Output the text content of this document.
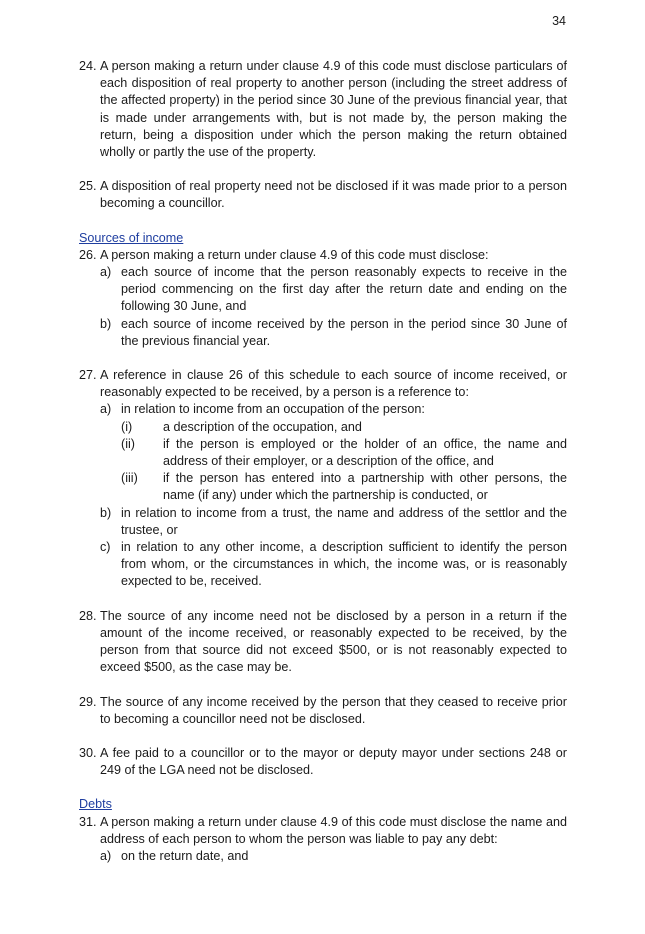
34
24. A person making a return under clause 4.9 of this code must disclose particulars of each disposition of real property to another person (including the street address of the affected property) in the period since 30 June of the previous financial year, that is made under arrangements with, but is not made by, the person making the return, being a disposition under which the person making the return obtained wholly or partly the use of the property.
25. A disposition of real property need not be disclosed if it was made prior to a person becoming a councillor.
Sources of income
26. A person making a return under clause 4.9 of this code must disclose:
a) each source of income that the person reasonably expects to receive in the period commencing on the first day after the return date and ending on the following 30 June, and
b) each source of income received by the person in the period since 30 June of the previous financial year.
27. A reference in clause 26 of this schedule to each source of income received, or reasonably expected to be received, by a person is a reference to:
a) in relation to income from an occupation of the person:
(i)	a description of the occupation, and
(ii)	if the person is employed or the holder of an office, the name and address of their employer, or a description of the office, and
(iii)	if the person has entered into a partnership with other persons, the name (if any) under which the partnership is conducted, or
b) in relation to income from a trust, the name and address of the settlor and the trustee, or
c) in relation to any other income, a description sufficient to identify the person from whom, or the circumstances in which, the income was, or is reasonably expected to be, received.
28. The source of any income need not be disclosed by a person in a return if the amount of the income received, or reasonably expected to be received, by the person from that source did not exceed $500, or is not reasonably expected to exceed $500, as the case may be.
29. The source of any income received by the person that they ceased to receive prior to becoming a councillor need not be disclosed.
30. A fee paid to a councillor or to the mayor or deputy mayor under sections 248 or 249 of the LGA need not be disclosed.
Debts
31. A person making a return under clause 4.9 of this code must disclose the name and address of each person to whom the person was liable to pay any debt:
a) on the return date, and
